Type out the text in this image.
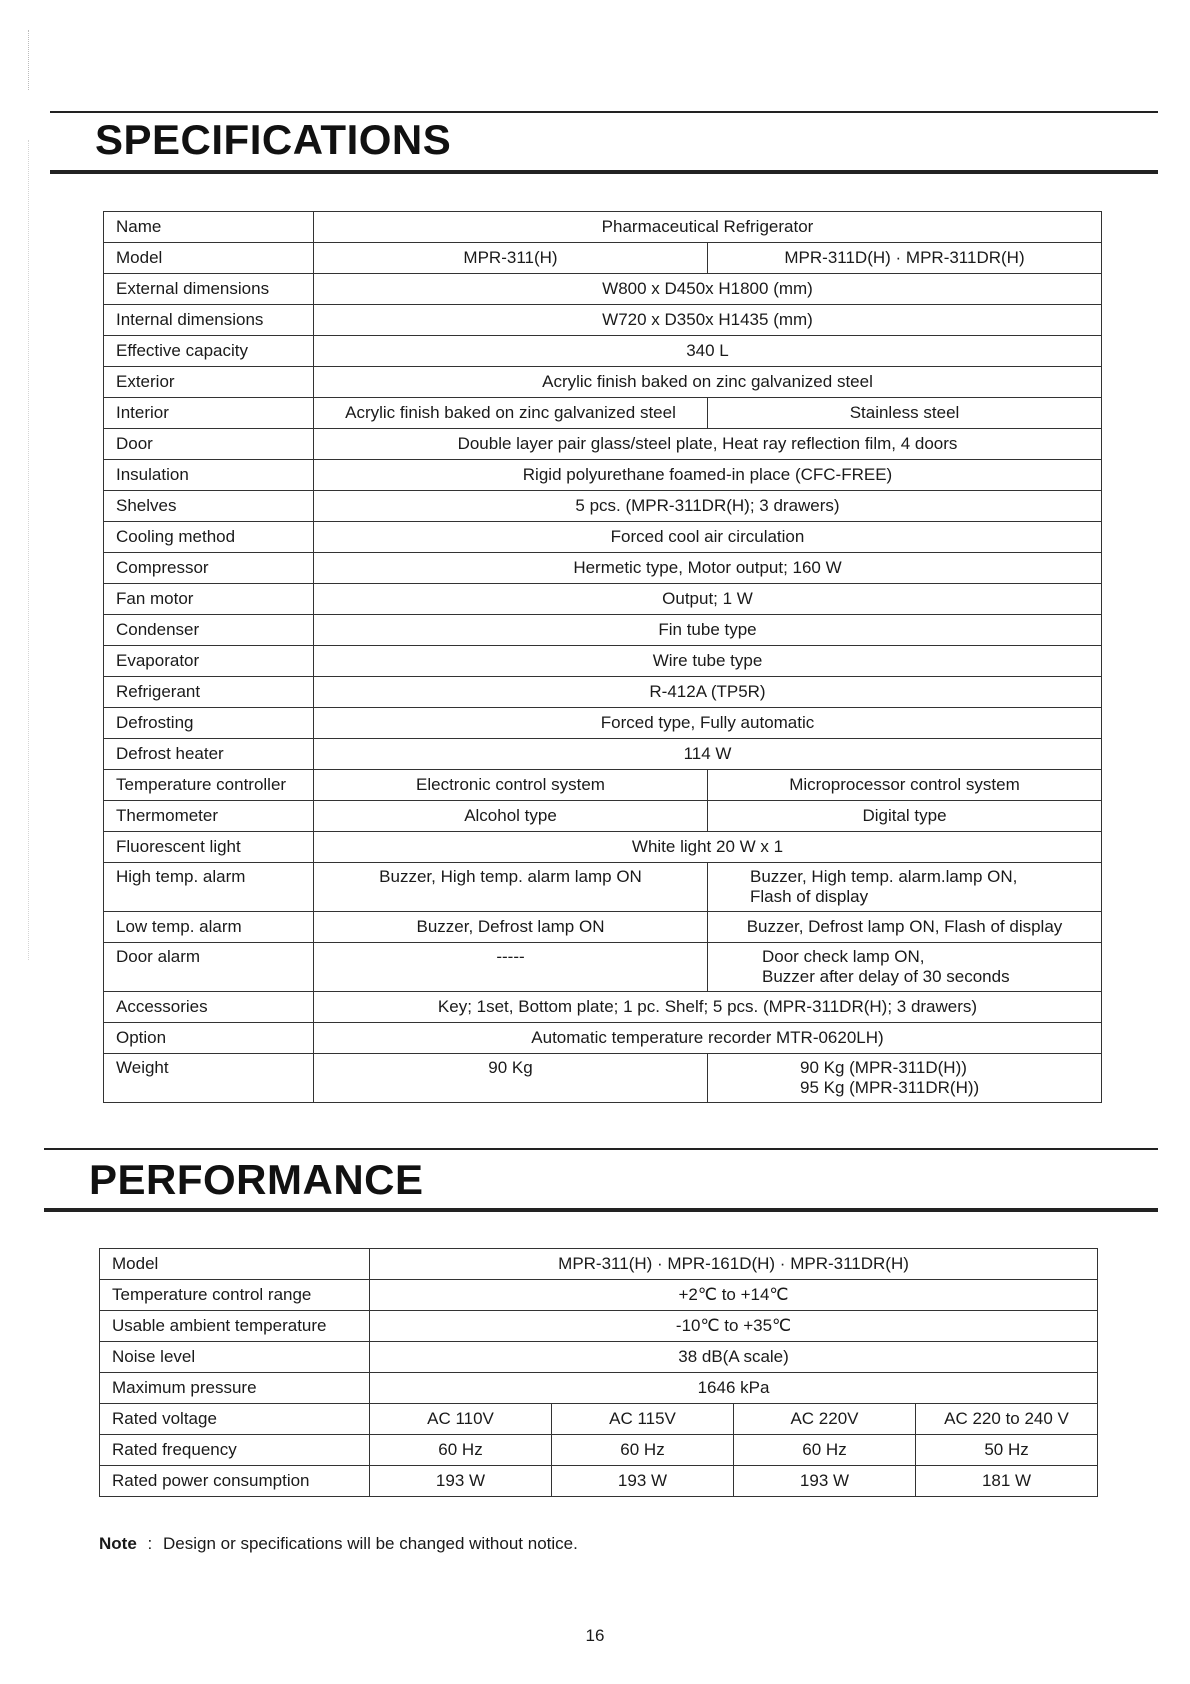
SPECIFICATIONS
Name	Pharmaceutical Refrigerator	
Model	MPR-311(H)	MPR-311D(H) · MPR-311DR(H)
External dimensions	W800 x D450x H1800 (mm)	
Internal dimensions	W720 x D350x H1435 (mm)	
Effective capacity	340 L	
Exterior	Acrylic finish baked on zinc galvanized steel	
Interior	Acrylic finish baked on zinc galvanized steel	Stainless steel
Door	Double layer pair glass/steel plate, Heat ray reflection film, 4 doors	
Insulation	Rigid polyurethane foamed-in place (CFC-FREE)	
Shelves	5 pcs. (MPR-311DR(H); 3 drawers)	
Cooling method	Forced cool air circulation	
Compressor	Hermetic type, Motor output; 160 W	
Fan motor	Output; 1 W	
Condenser	Fin tube type	
Evaporator	Wire tube type	
Refrigerant	R-412A (TP5R)	
Defrosting	Forced type, Fully automatic	
Defrost heater	114 W	
Temperature controller	Electronic control system	Microprocessor control system
Thermometer	Alcohol type	Digital type
Fluorescent light	White light 20 W x 1	
High temp. alarm	Buzzer, High temp. alarm lamp ON	Buzzer, High temp. alarm.lamp ON,
Flash of display

Low temp. alarm	Buzzer, Defrost lamp ON	Buzzer, Defrost lamp ON, Flash of display
Door alarm	-----	Door check lamp ON,
Buzzer after delay of 30 seconds

Accessories	Key; 1set, Bottom plate; 1 pc. Shelf; 5 pcs. (MPR-311DR(H); 3 drawers)	
Option	Automatic temperature recorder MTR-0620LH)	
Weight	90 Kg	90 Kg (MPR-311D(H))
95 Kg (MPR-311DR(H))
PERFORMANCE
Model	MPR-311(H) · MPR-161D(H) · MPR-311DR(H)			
Temperature control range	+2℃ to +14℃			
Usable ambient temperature	-10℃ to +35℃			
Noise level	38 dB(A scale)			
Maximum pressure	1646 kPa			
Rated voltage	AC 110V	AC 115V	AC 220V	AC 220 to 240 V
Rated frequency	60 Hz	60 Hz	60 Hz	50 Hz
Rated power consumption	193 W	193 W	193 W	181 W
Note : Design or specifications will be changed without notice.
16
